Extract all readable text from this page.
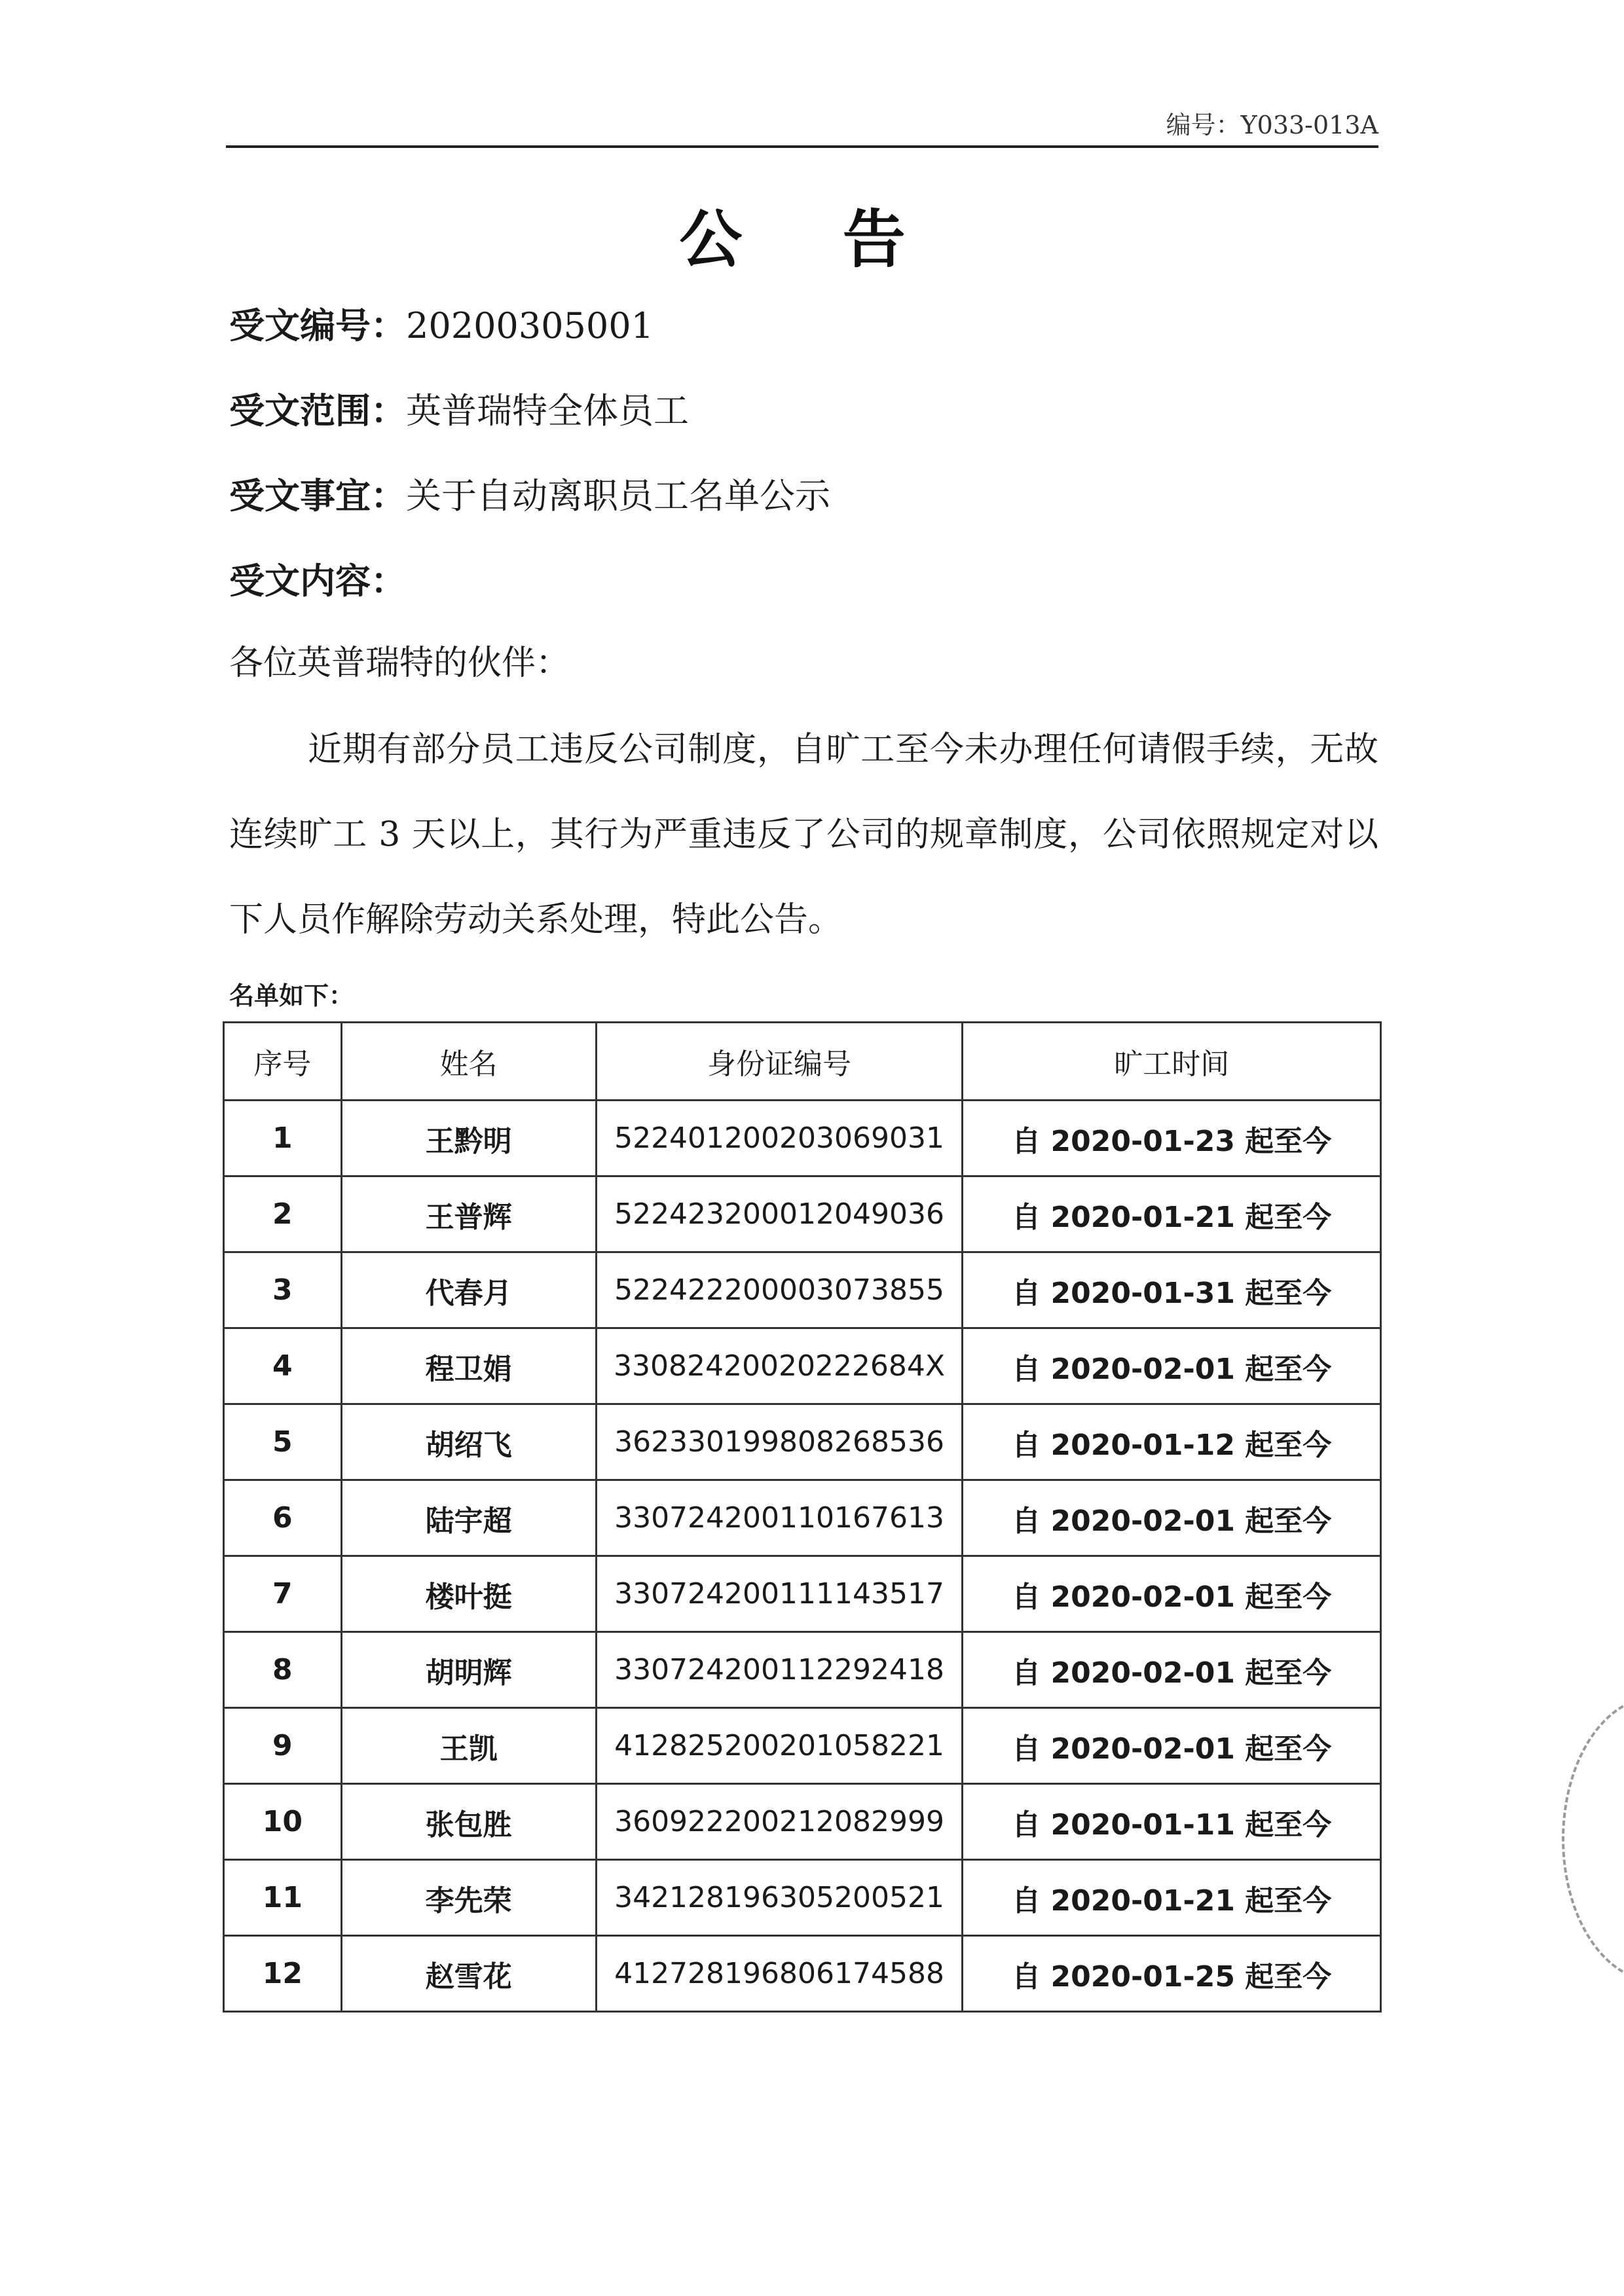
编号：Y033-013A
公 告
受文编号：20200305001
受文范围：英普瑞特全体员工
受文事宜：关于自动离职员工名单公示
受文内容：
各位英普瑞特的伙伴：

近期有部分员工违反公司制度，自旷工至今未办理任何请假手续，无故连续旷工 3 天以上，其行为严重违反了公司的规章制度，公司依照规定对以下人员作解除劳动关系处理，特此公告。

名单如下：
序号	姓名	身份证编号	旷工时间
1	王黔明	522401200203069031	自 2020-01-23 起至今
2	王普辉	522423200012049036	自 2020-01-21 起至今
3	代春月	522422200003073855	自 2020-01-31 起至今
4	程卫娟	33082420020222684X	自 2020-02-01 起至今
5	胡绍飞	362330199808268536	自 2020-01-12 起至今
6	陆宇超	330724200110167613	自 2020-02-01 起至今
7	楼叶挺	330724200111143517	自 2020-02-01 起至今
8	胡明辉	330724200112292418	自 2020-02-01 起至今
9	王凯	412825200201058221	自 2020-02-01 起至今
10	张包胜	360922200212082999	自 2020-01-11 起至今
11	李先荣	342128196305200521	自 2020-01-21 起至今
12	赵雪花	412728196806174588	自 2020-01-25 起至今
